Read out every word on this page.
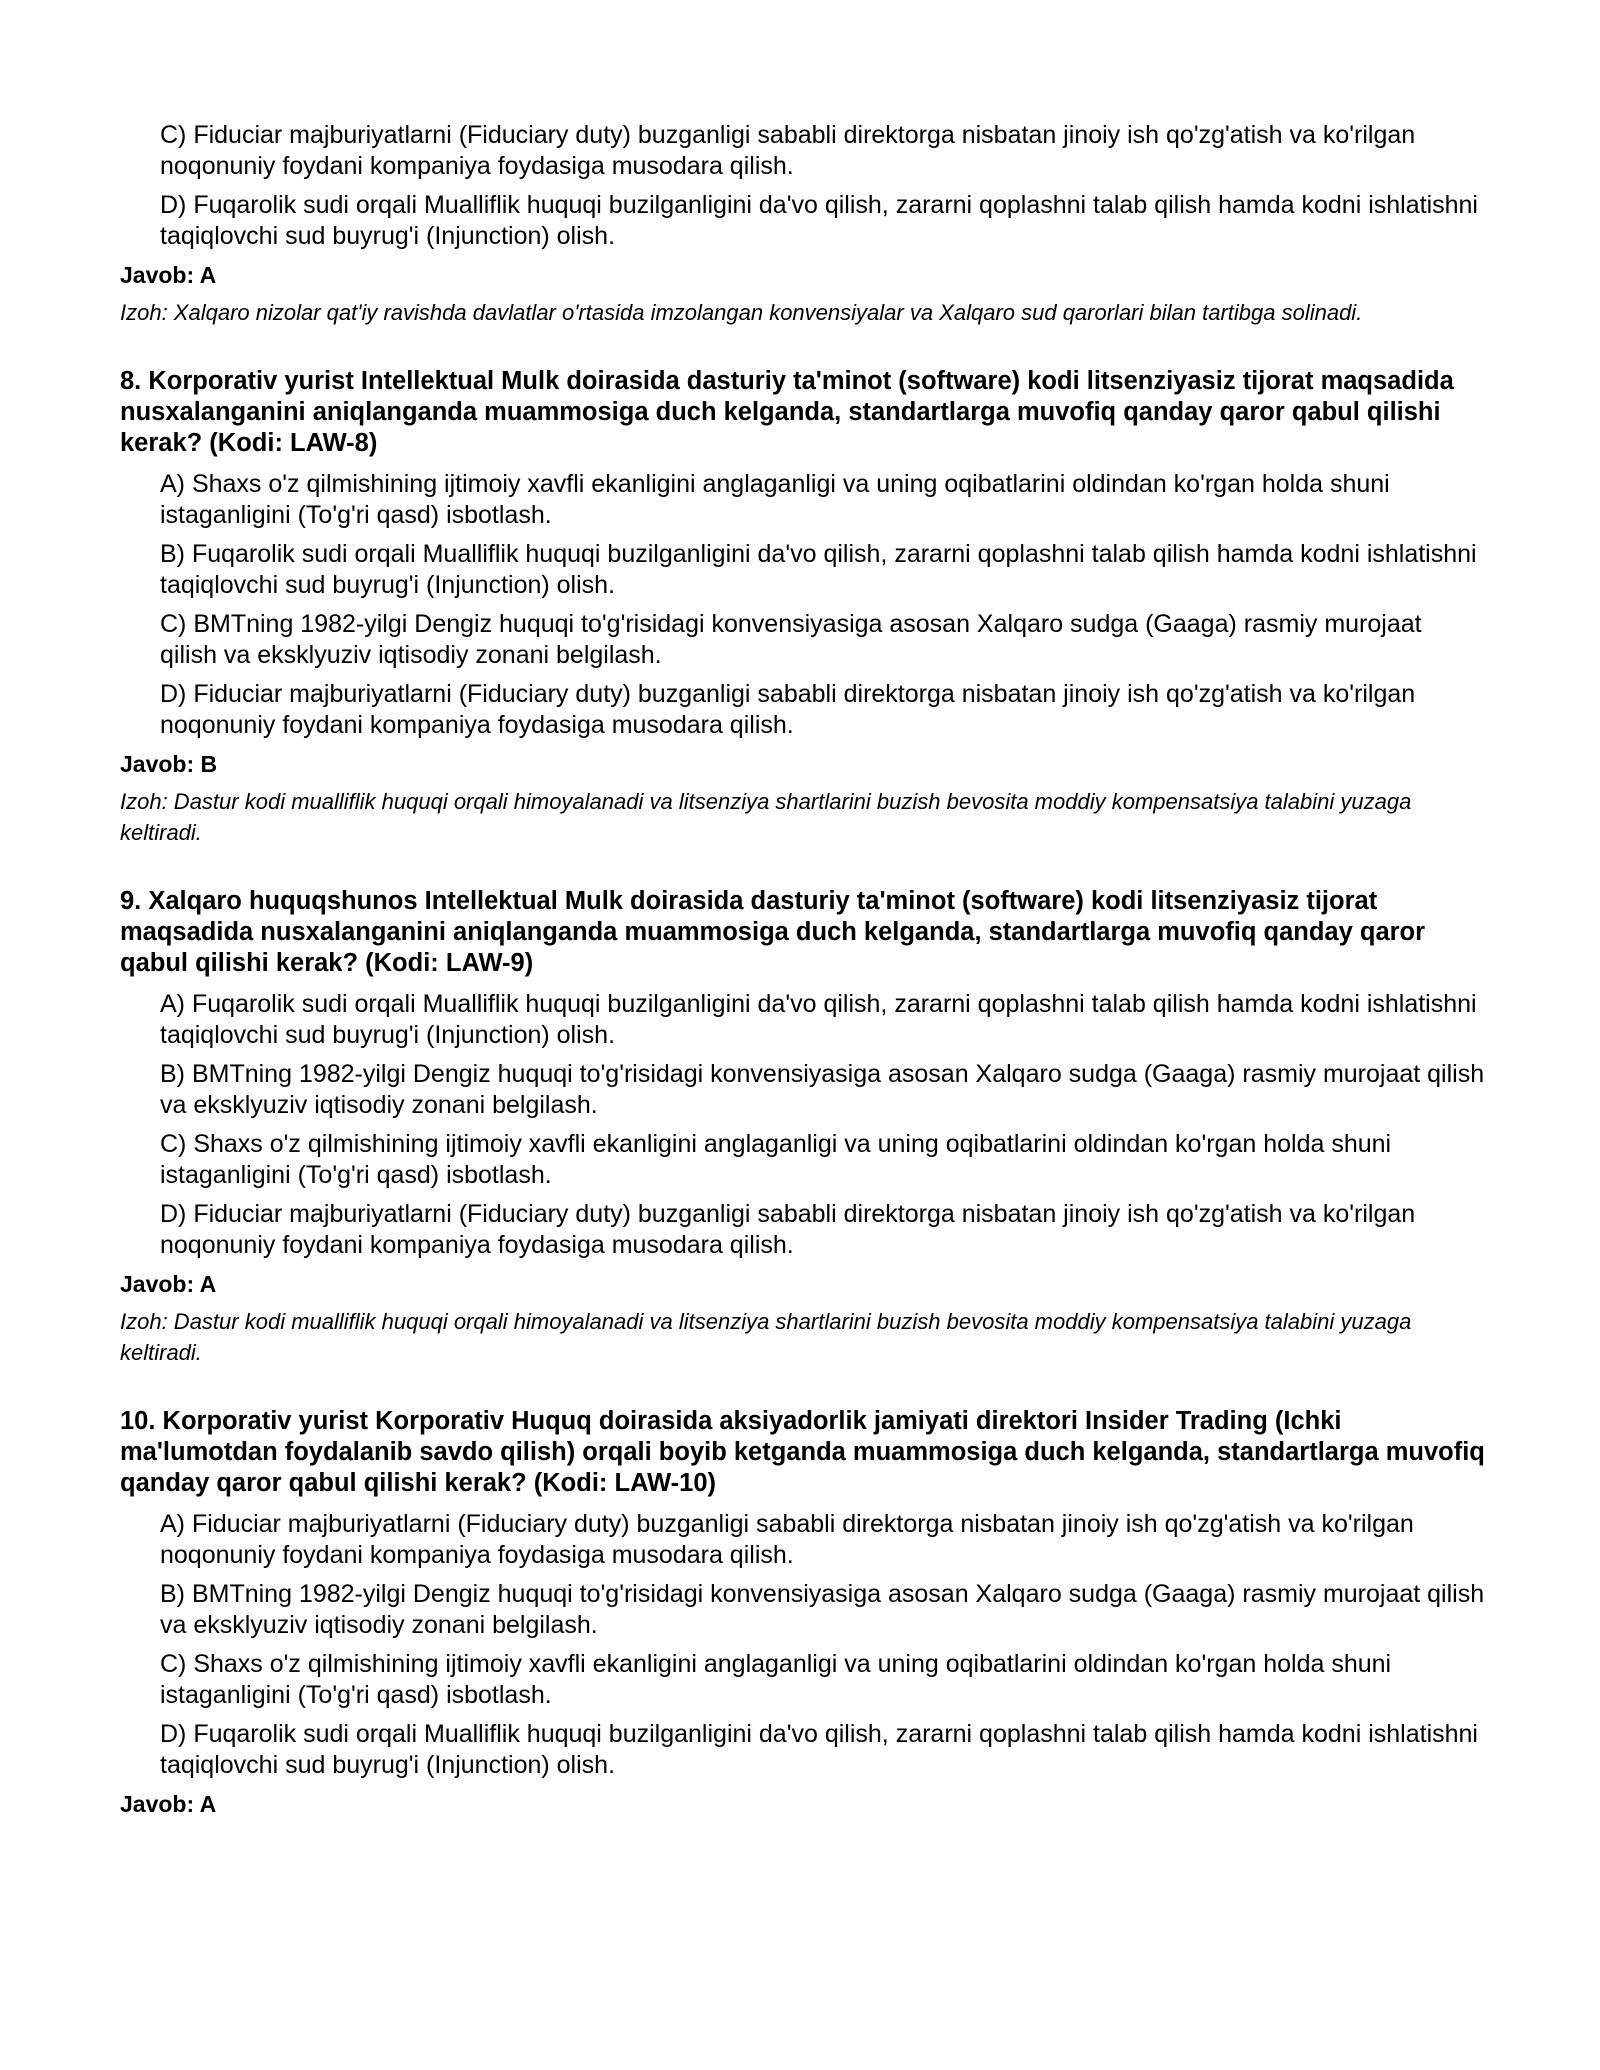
C) Fiduciar majburiyatlarni (Fiduciary duty) buzganligi sababli direktorga nisbatan jinoiy ish qo'zg'atish va ko'rilgan noqonuniy foydani kompaniya foydasiga musodara qilish.
D) Fuqarolik sudi orqali Mualliflik huquqi buzilganligini da'vo qilish, zararni qoplashni talab qilish hamda kodni ishlatishni taqiqlovchi sud buyrug'i (Injunction) olish.
Javob: A
Izoh: Xalqaro nizolar qat'iy ravishda davlatlar o'rtasida imzolangan konvensiyalar va Xalqaro sud qarorlari bilan tartibga solinadi.
8. Korporativ yurist Intellektual Mulk doirasida dasturiy ta'minot (software) kodi litsenziyasiz tijorat maqsadida nusxalanganini aniqlanganda muammosiga duch kelganda, standartlarga muvofiq qanday qaror qabul qilishi kerak? (Kodi: LAW-8)
A) Shaxs o'z qilmishining ijtimoiy xavfli ekanligini anglaganligi va uning oqibatlarini oldindan ko'rgan holda shuni istaganligini (To'g'ri qasd) isbotlash.
B) Fuqarolik sudi orqali Mualliflik huquqi buzilganligini da'vo qilish, zararni qoplashni talab qilish hamda kodni ishlatishni taqiqlovchi sud buyrug'i (Injunction) olish.
C) BMTning 1982-yilgi Dengiz huquqi to'g'risidagi konvensiyasiga asosan Xalqaro sudga (Gaaga) rasmiy murojaat qilish va eksklyuziv iqtisodiy zonani belgilash.
D) Fiduciar majburiyatlarni (Fiduciary duty) buzganligi sababli direktorga nisbatan jinoiy ish qo'zg'atish va ko'rilgan noqonuniy foydani kompaniya foydasiga musodara qilish.
Javob: B
Izoh: Dastur kodi mualliflik huquqi orqali himoyalanadi va litsenziya shartlarini buzish bevosita moddiy kompensatsiya talabini yuzaga keltiradi.
9. Xalqaro huquqshunos Intellektual Mulk doirasida dasturiy ta'minot (software) kodi litsenziyasiz tijorat maqsadida nusxalanganini aniqlanganda muammosiga duch kelganda, standartlarga muvofiq qanday qaror qabul qilishi kerak? (Kodi: LAW-9)
A) Fuqarolik sudi orqali Mualliflik huquqi buzilganligini da'vo qilish, zararni qoplashni talab qilish hamda kodni ishlatishni taqiqlovchi sud buyrug'i (Injunction) olish.
B) BMTning 1982-yilgi Dengiz huquqi to'g'risidagi konvensiyasiga asosan Xalqaro sudga (Gaaga) rasmiy murojaat qilish va eksklyuziv iqtisodiy zonani belgilash.
C) Shaxs o'z qilmishining ijtimoiy xavfli ekanligini anglaganligi va uning oqibatlarini oldindan ko'rgan holda shuni istaganligini (To'g'ri qasd) isbotlash.
D) Fiduciar majburiyatlarni (Fiduciary duty) buzganligi sababli direktorga nisbatan jinoiy ish qo'zg'atish va ko'rilgan noqonuniy foydani kompaniya foydasiga musodara qilish.
Javob: A
Izoh: Dastur kodi mualliflik huquqi orqali himoyalanadi va litsenziya shartlarini buzish bevosita moddiy kompensatsiya talabini yuzaga keltiradi.
10. Korporativ yurist Korporativ Huquq doirasida aksiyadorlik jamiyati direktori Insider Trading (Ichki ma'lumotdan foydalanib savdo qilish) orqali boyib ketganda muammosiga duch kelganda, standartlarga muvofiq qanday qaror qabul qilishi kerak? (Kodi: LAW-10)
A) Fiduciar majburiyatlarni (Fiduciary duty) buzganligi sababli direktorga nisbatan jinoiy ish qo'zg'atish va ko'rilgan noqonuniy foydani kompaniya foydasiga musodara qilish.
B) BMTning 1982-yilgi Dengiz huquqi to'g'risidagi konvensiyasiga asosan Xalqaro sudga (Gaaga) rasmiy murojaat qilish va eksklyuziv iqtisodiy zonani belgilash.
C) Shaxs o'z qilmishining ijtimoiy xavfli ekanligini anglaganligi va uning oqibatlarini oldindan ko'rgan holda shuni istaganligini (To'g'ri qasd) isbotlash.
D) Fuqarolik sudi orqali Mualliflik huquqi buzilganligini da'vo qilish, zararni qoplashni talab qilish hamda kodni ishlatishni taqiqlovchi sud buyrug'i (Injunction) olish.
Javob: A
